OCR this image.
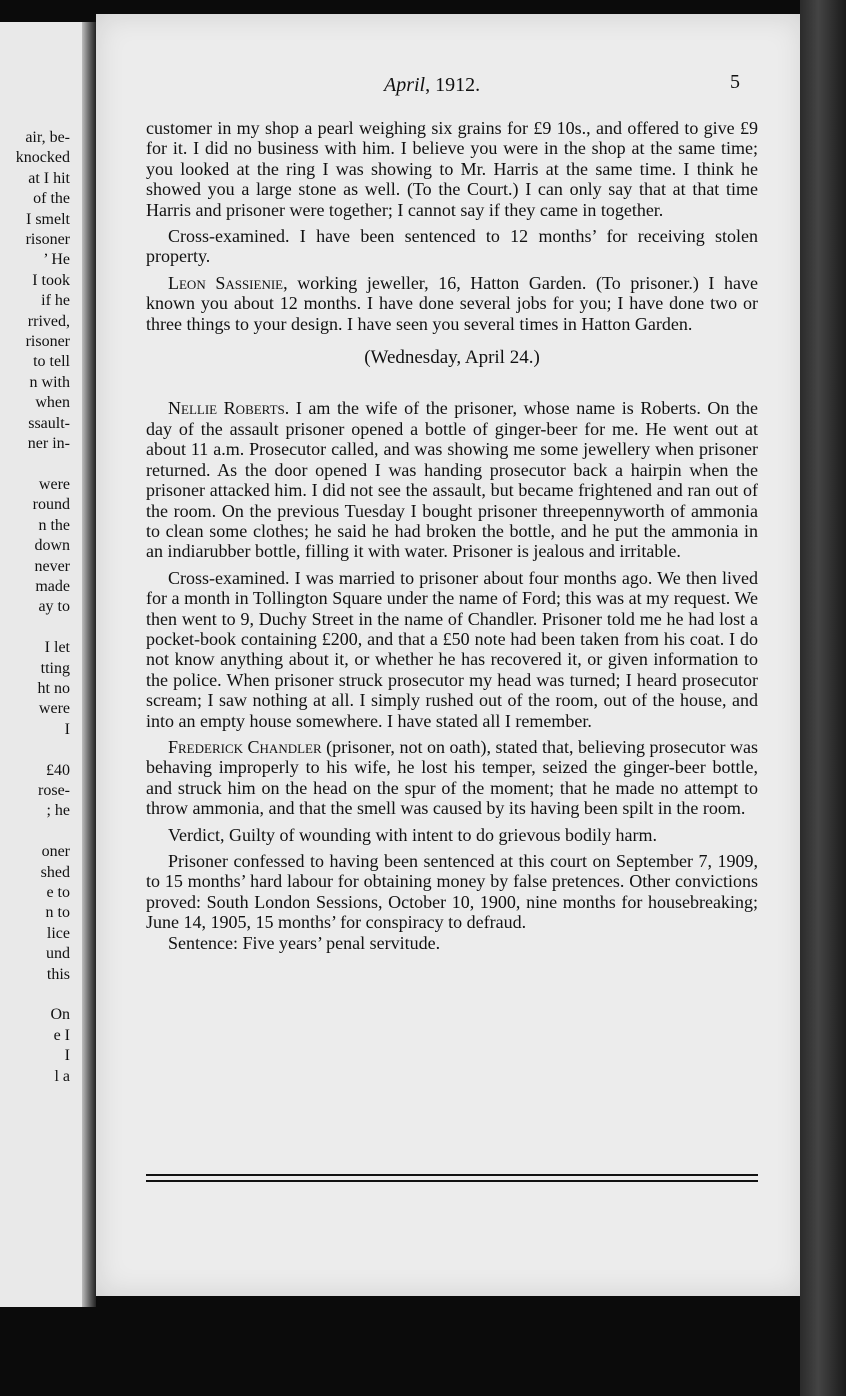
air, be-
knocked
at I hit
of the
I smelt
risoner
’ He
I took
if he
rrived,
risoner
to tell
n with
when
ssault-
ner in-
were
round
n the
down
never
made
ay to
I let
tting
ht no
were
I
£40
rose-
; he
oner
shed
e to
n to
lice
und
this
On
e I
I
l a
April, 1912.	5

customer in my shop a pearl weighing six grains for £9 10s., and offered to give £9 for it. I did no business with him. I believe you were in the shop at the same time; you looked at the ring I was showing to Mr. Harris at the same time. I think he showed you a large stone as well. (To the Court.) I can only say that at that time Harris and prisoner were together; I cannot say if they came in together.

Cross-examined. I have been sentenced to 12 months’ for receiving stolen property.

Leon Sassienie, working jeweller, 16, Hatton Garden. (To prisoner.) I have known you about 12 months. I have done several jobs for you; I have done two or three things to your design. I have seen you several times in Hatton Garden.

(Wednesday, April 24.)

Nellie Roberts. I am the wife of the prisoner, whose name is Roberts. On the day of the assault prisoner opened a bottle of ginger-beer for me. He went out at about 11 a.m. Prosecutor called, and was showing me some jewellery when prisoner returned. As the door opened I was handing prosecutor back a hairpin when the prisoner attacked him. I did not see the assault, but became frightened and ran out of the room. On the previous Tuesday I bought prisoner threepennyworth of ammonia to clean some clothes; he said he had broken the bottle, and he put the ammonia in an indiarubber bottle, filling it with water. Prisoner is jealous and irritable.

Cross-examined. I was married to prisoner about four months ago. We then lived for a month in Tollington Square under the name of Ford; this was at my request. We then went to 9, Duchy Street in the name of Chandler. Prisoner told me he had lost a pocket-book containing £200, and that a £50 note had been taken from his coat. I do not know anything about it, or whether he has recovered it, or given information to the police. When prisoner struck prosecutor my head was turned; I heard prosecutor scream; I saw nothing at all. I simply rushed out of the room, out of the house, and into an empty house somewhere. I have stated all I remember.

Frederick Chandler (prisoner, not on oath), stated that, believing prosecutor was behaving improperly to his wife, he lost his temper, seized the ginger-beer bottle, and struck him on the head on the spur of the moment; that he made no attempt to throw ammonia, and that the smell was caused by its having been spilt in the room.

Verdict, Guilty of wounding with intent to do grievous bodily harm.

Prisoner confessed to having been sentenced at this court on September 7, 1909, to 15 months’ hard labour for obtaining money by false pretences. Other convictions proved: South London Sessions, October 10, 1900, nine months for housebreaking; June 14, 1905, 15 months’ for conspiracy to defraud.

Sentence: Five years’ penal servitude.
